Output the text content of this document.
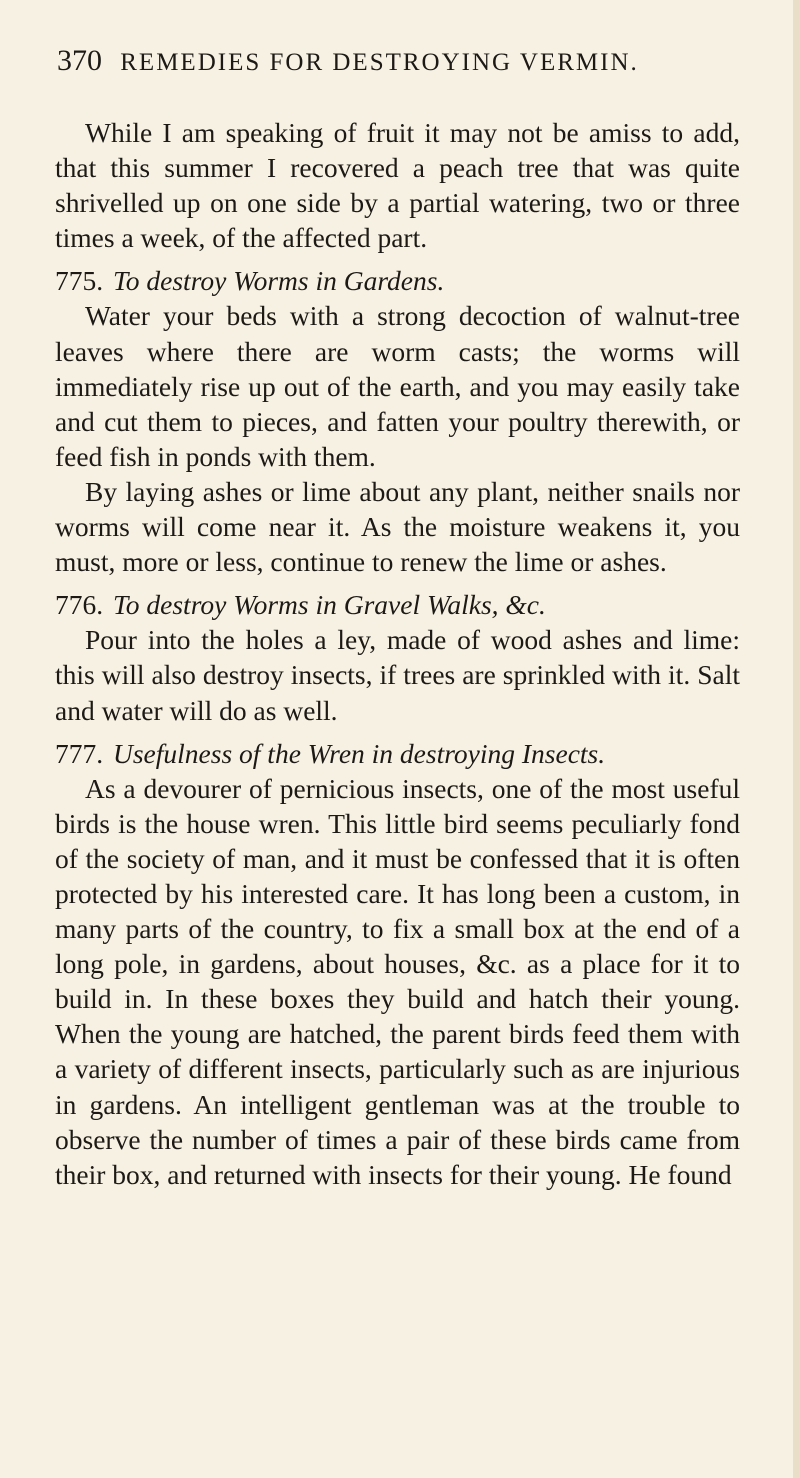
370 REMEDIES FOR DESTROYING VERMIN.

While I am speaking of fruit it may not be amiss to add, that this summer I recovered a peach tree that was quite shrivelled up on one side by a partial watering, two or three times a week, of the affected part.

775. To destroy Worms in Gardens.

Water your beds with a strong decoction of walnut-tree leaves where there are worm casts; the worms will immediately rise up out of the earth, and you may easily take and cut them to pieces, and fatten your poultry therewith, or feed fish in ponds with them.

By laying ashes or lime about any plant, neither snails nor worms will come near it. As the moisture weakens it, you must, more or less, continue to renew the lime or ashes.

776. To destroy Worms in Gravel Walks, &c.

Pour into the holes a ley, made of wood ashes and lime: this will also destroy insects, if trees are sprinkled with it. Salt and water will do as well.

777. Usefulness of the Wren in destroying Insects.

As a devourer of pernicious insects, one of the most useful birds is the house wren. This little bird seems peculiarly fond of the society of man, and it must be confessed that it is often protected by his interested care. It has long been a custom, in many parts of the country, to fix a small box at the end of a long pole, in gardens, about houses, &c. as a place for it to build in. In these boxes they build and hatch their young. When the young are hatched, the parent birds feed them with a variety of different insects, particularly such as are injurious in gardens. An intelligent gentleman was at the trouble to observe the number of times a pair of these birds came from their box, and returned with insects for their young. He found
